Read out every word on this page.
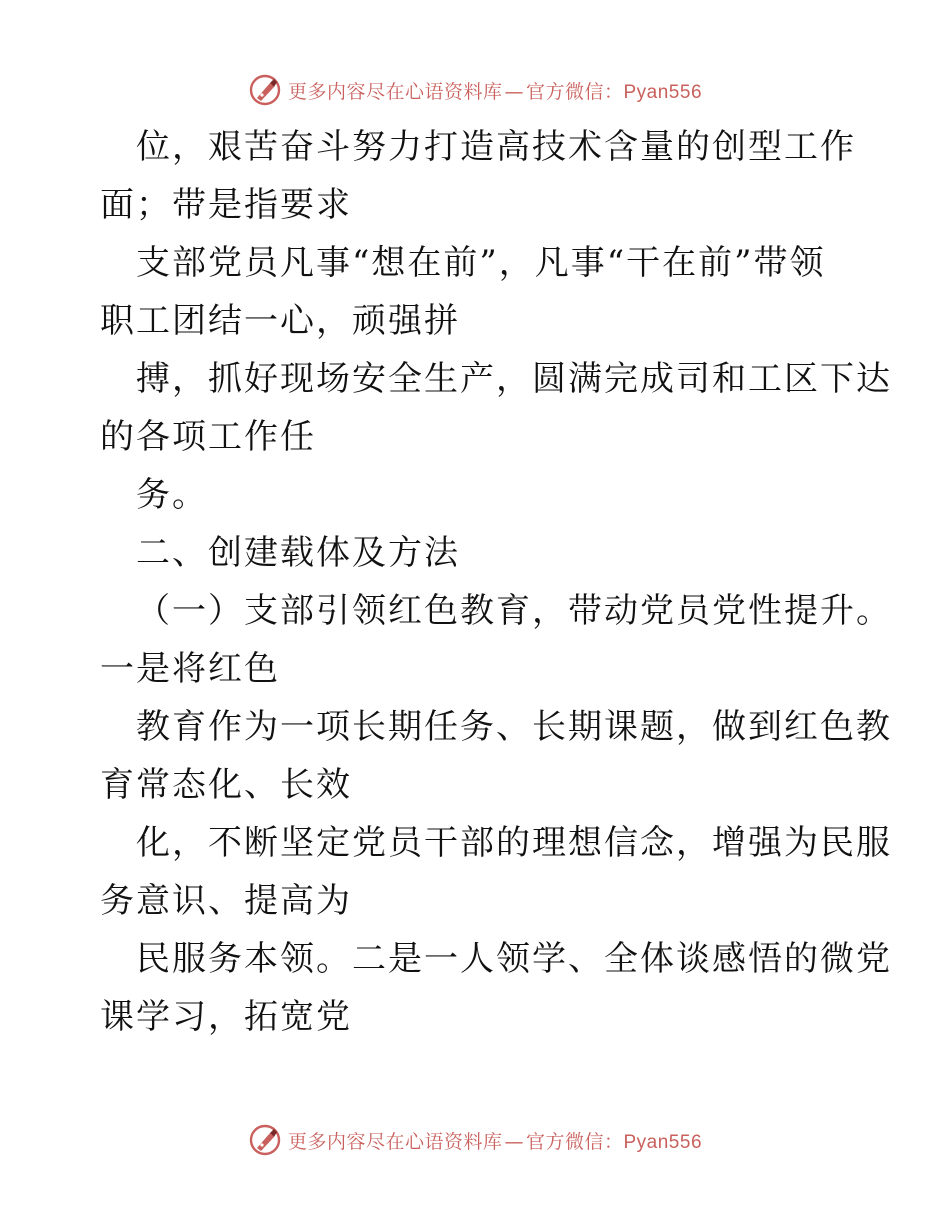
更多内容尽在心语资料库 — 官方微信：Pyan556
位，艰苦奋斗努力打造高技术含量的创型工作
面；带是指要求
支部党员凡事“想在前”，凡事“干在前”带领
职工团结一心，顽强拼
搏，抓好现场安全生产，圆满完成司和工区下达
的各项工作任
务。
二、创建载体及方法
（一）支部引领红色教育，带动党员党性提升。
一是将红色
教育作为一项长期任务、长期课题，做到红色教
育常态化、长效
化，不断坚定党员干部的理想信念，增强为民服
务意识、提高为
民服务本领。二是一人领学、全体谈感悟的微党
课学习，拓宽党
更多内容尽在心语资料库 — 官方微信：Pyan556
